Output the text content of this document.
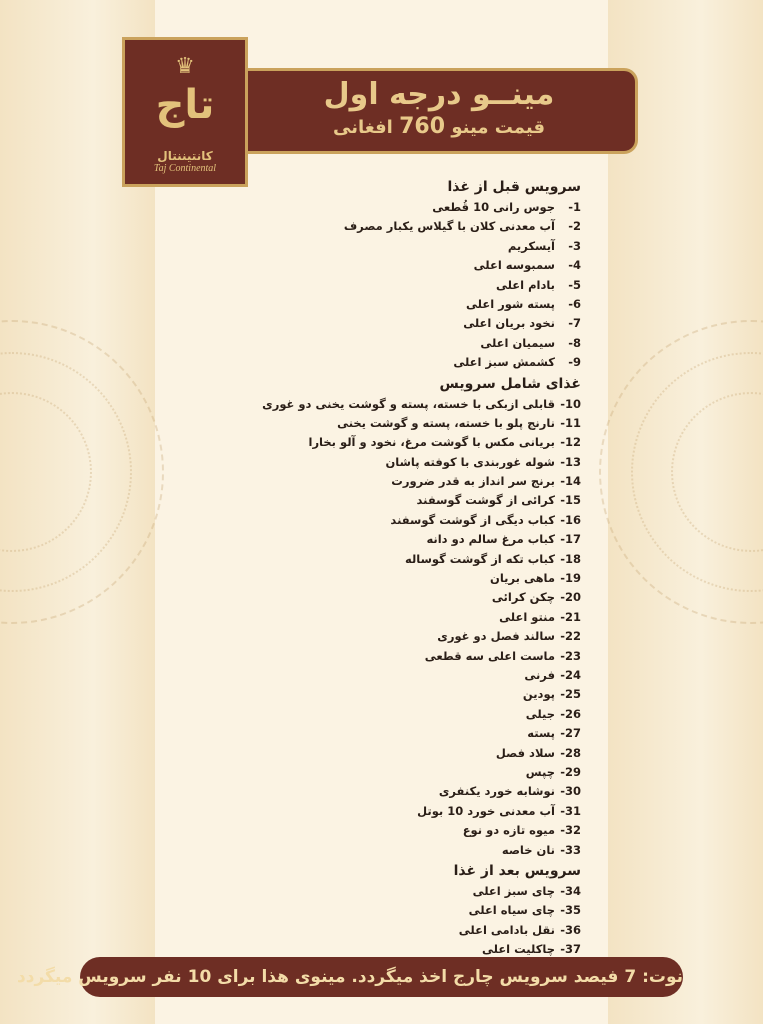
♛
تاج
کانتیننتال
Taj Continental
مینــو درجه اول
قیمت مینو 760 افغانی
سرویس قبل از غذا
1-جوس رانی 10 قُطعی
2-آب معدنی کلان با گیلاس یکبار مصرف
3-آیسکریم
4-سمبوسه اعلی
5-بادام اعلی
6-پسته شور اعلی
7-نخود بریان اعلی
8-سیمیان اعلی
9-کشمش سبز اعلی
غذای شامل سرویس
10-قابلی ازبکی با خسته، پسته و گوشت یخنی دو غوری
11-نارنج پلو با خسته، پسته و گوشت یخنی
12-بریانی مکس با گوشت مرغ، نخود و آلو بخارا
13-شوله غوربندی با کوفته پاشان
14-برنج سر انداز به قدر ضرورت
15-کرائی از گوشت گوسفند
16-کباب دیگی از گوشت گوسفند
17-کباب مرغ سالم دو دانه
18-کباب تکه از گوشت گوساله
19-ماهی بریان
20-چکن کرائی
21-منتو اعلی
22-سالند فصل دو غوری
23-ماست اعلی سه قطعی
24-فرنی
25-پودین
26-جیلی
27-پسته
28-سلاد فصل
29-چپس
30-نوشابه خورد یکنفری
31-آب معدنی خورد 10 بوتل
32-میوه تازه دو نوع
33-نان خاصه
سرویس بعد از غذا
34-چای سبز اعلی
35-چای سیاه اعلی
36-نقل بادامی اعلی
37-چاکلیت اعلی
نوت: 7 فیصد سرویس چارج اخذ میگردد. مینوی هذا برای 10 نفر سرویس میگردد
